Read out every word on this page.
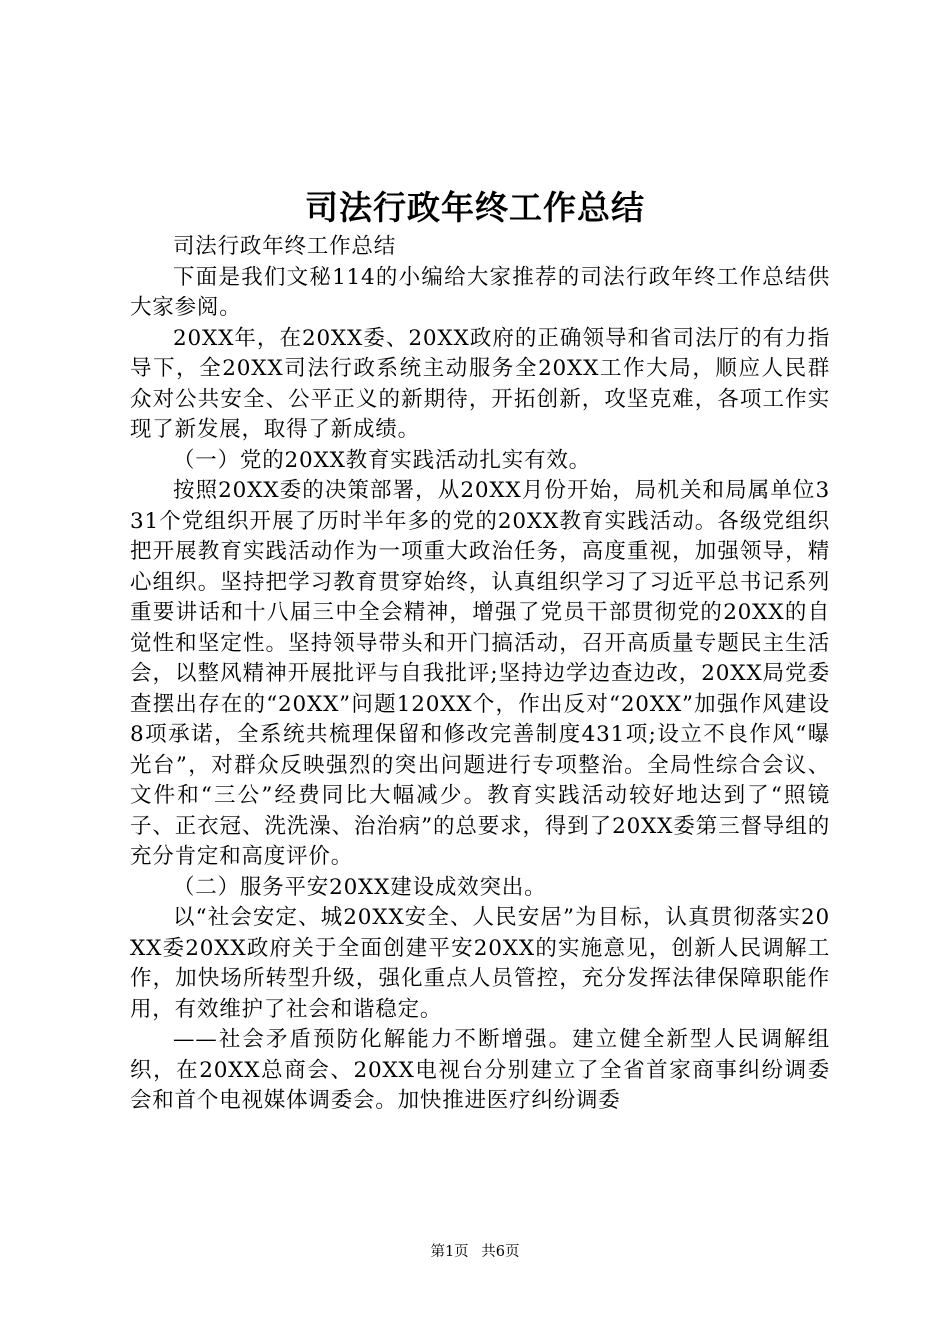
司法行政年终工作总结

司法行政年终工作总结

下面是我们文秘114的小编给大家推荐的司法行政年终工作总结供大家参阅。

20XX年，在20XX委、20XX政府的正确领导和省司法厅的有力指导下，全20XX司法行政系统主动服务全20XX工作大局，顺应人民群众对公共安全、公平正义的新期待，开拓创新，攻坚克难，各项工作实现了新发展，取得了新成绩。

（一）党的20XX教育实践活动扎实有效。

按照20XX委的决策部署，从20XX月份开始，局机关和局属单位331个党组织开展了历时半年多的党的20XX教育实践活动。各级党组织把开展教育实践活动作为一项重大政治任务，高度重视，加强领导，精心组织。坚持把学习教育贯穿始终，认真组织学习了习近平总书记系列重要讲话和十八届三中全会精神，增强了党员干部贯彻党的20XX的自觉性和坚定性。坚持领导带头和开门搞活动，召开高质量专题民主生活会，以整风精神开展批评与自我批评;坚持边学边查边改，20XX局党委查摆出存在的“20XX”问题120XX个，作出反对“20XX”加强作风建设8项承诺，全系统共梳理保留和修改完善制度431项;设立不良作风“曝光台”，对群众反映强烈的突出问题进行专项整治。全局性综合会议、文件和“三公”经费同比大幅减少。教育实践活动较好地达到了“照镜子、正衣冠、洗洗澡、治治病”的总要求，得到了20XX委第三督导组的充分肯定和高度评价。

（二）服务平安20XX建设成效突出。

以“社会安定、城20XX安全、人民安居”为目标，认真贯彻落实20XX委20XX政府关于全面创建平安20XX的实施意见，创新人民调解工作，加快场所转型升级，强化重点人员管控，充分发挥法律保障职能作用，有效维护了社会和谐稳定。

——社会矛盾预防化解能力不断增强。建立健全新型人民调解组织，在20XX总商会、20XX电视台分别建立了全省首家商事纠纷调委会和首个电视媒体调委会。加快推进医疗纠纷调委

第1页 共6页
